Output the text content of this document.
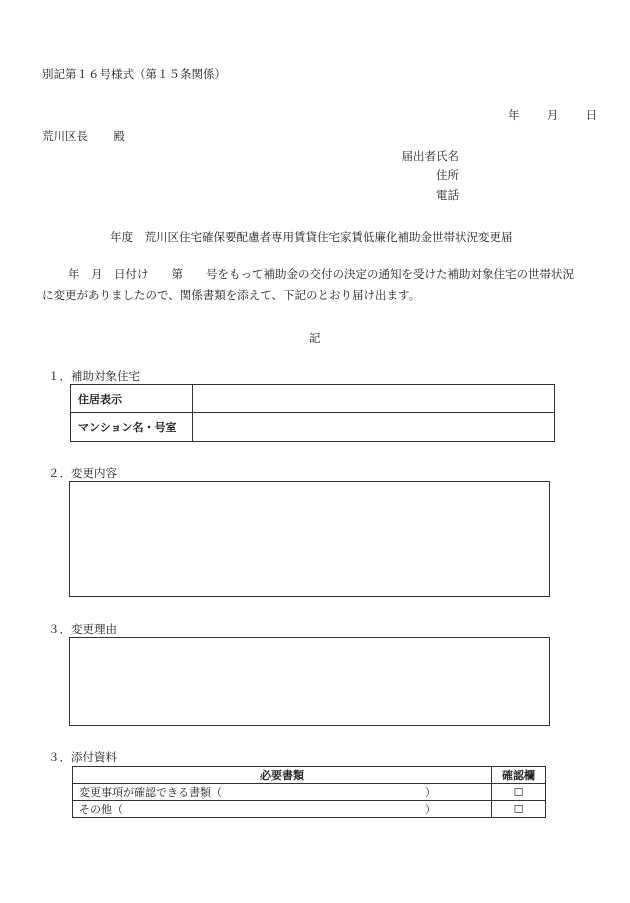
別記第１６号様式（第１５条関係）
年 月 日
荒川区長 殿
届出者氏名
住所
電話
年度　荒川区住宅確保要配慮者専用賃貸住宅家賃低廉化補助金世帯状況変更届
年　月　日付け　　第　　号をもって補助金の交付の決定の通知を受けた補助対象住宅の世帯状況
に変更がありましたので、関係書類を添えて、下記のとおり届け出ます。
記
１．補助対象住宅
住居表示	
マンション名・号室	
２．変更内容
３．変更理由
３．添付資料
必要書類	確認欄
変更事項が確認できる書類（ ）	☐
その他（ ）	☐
